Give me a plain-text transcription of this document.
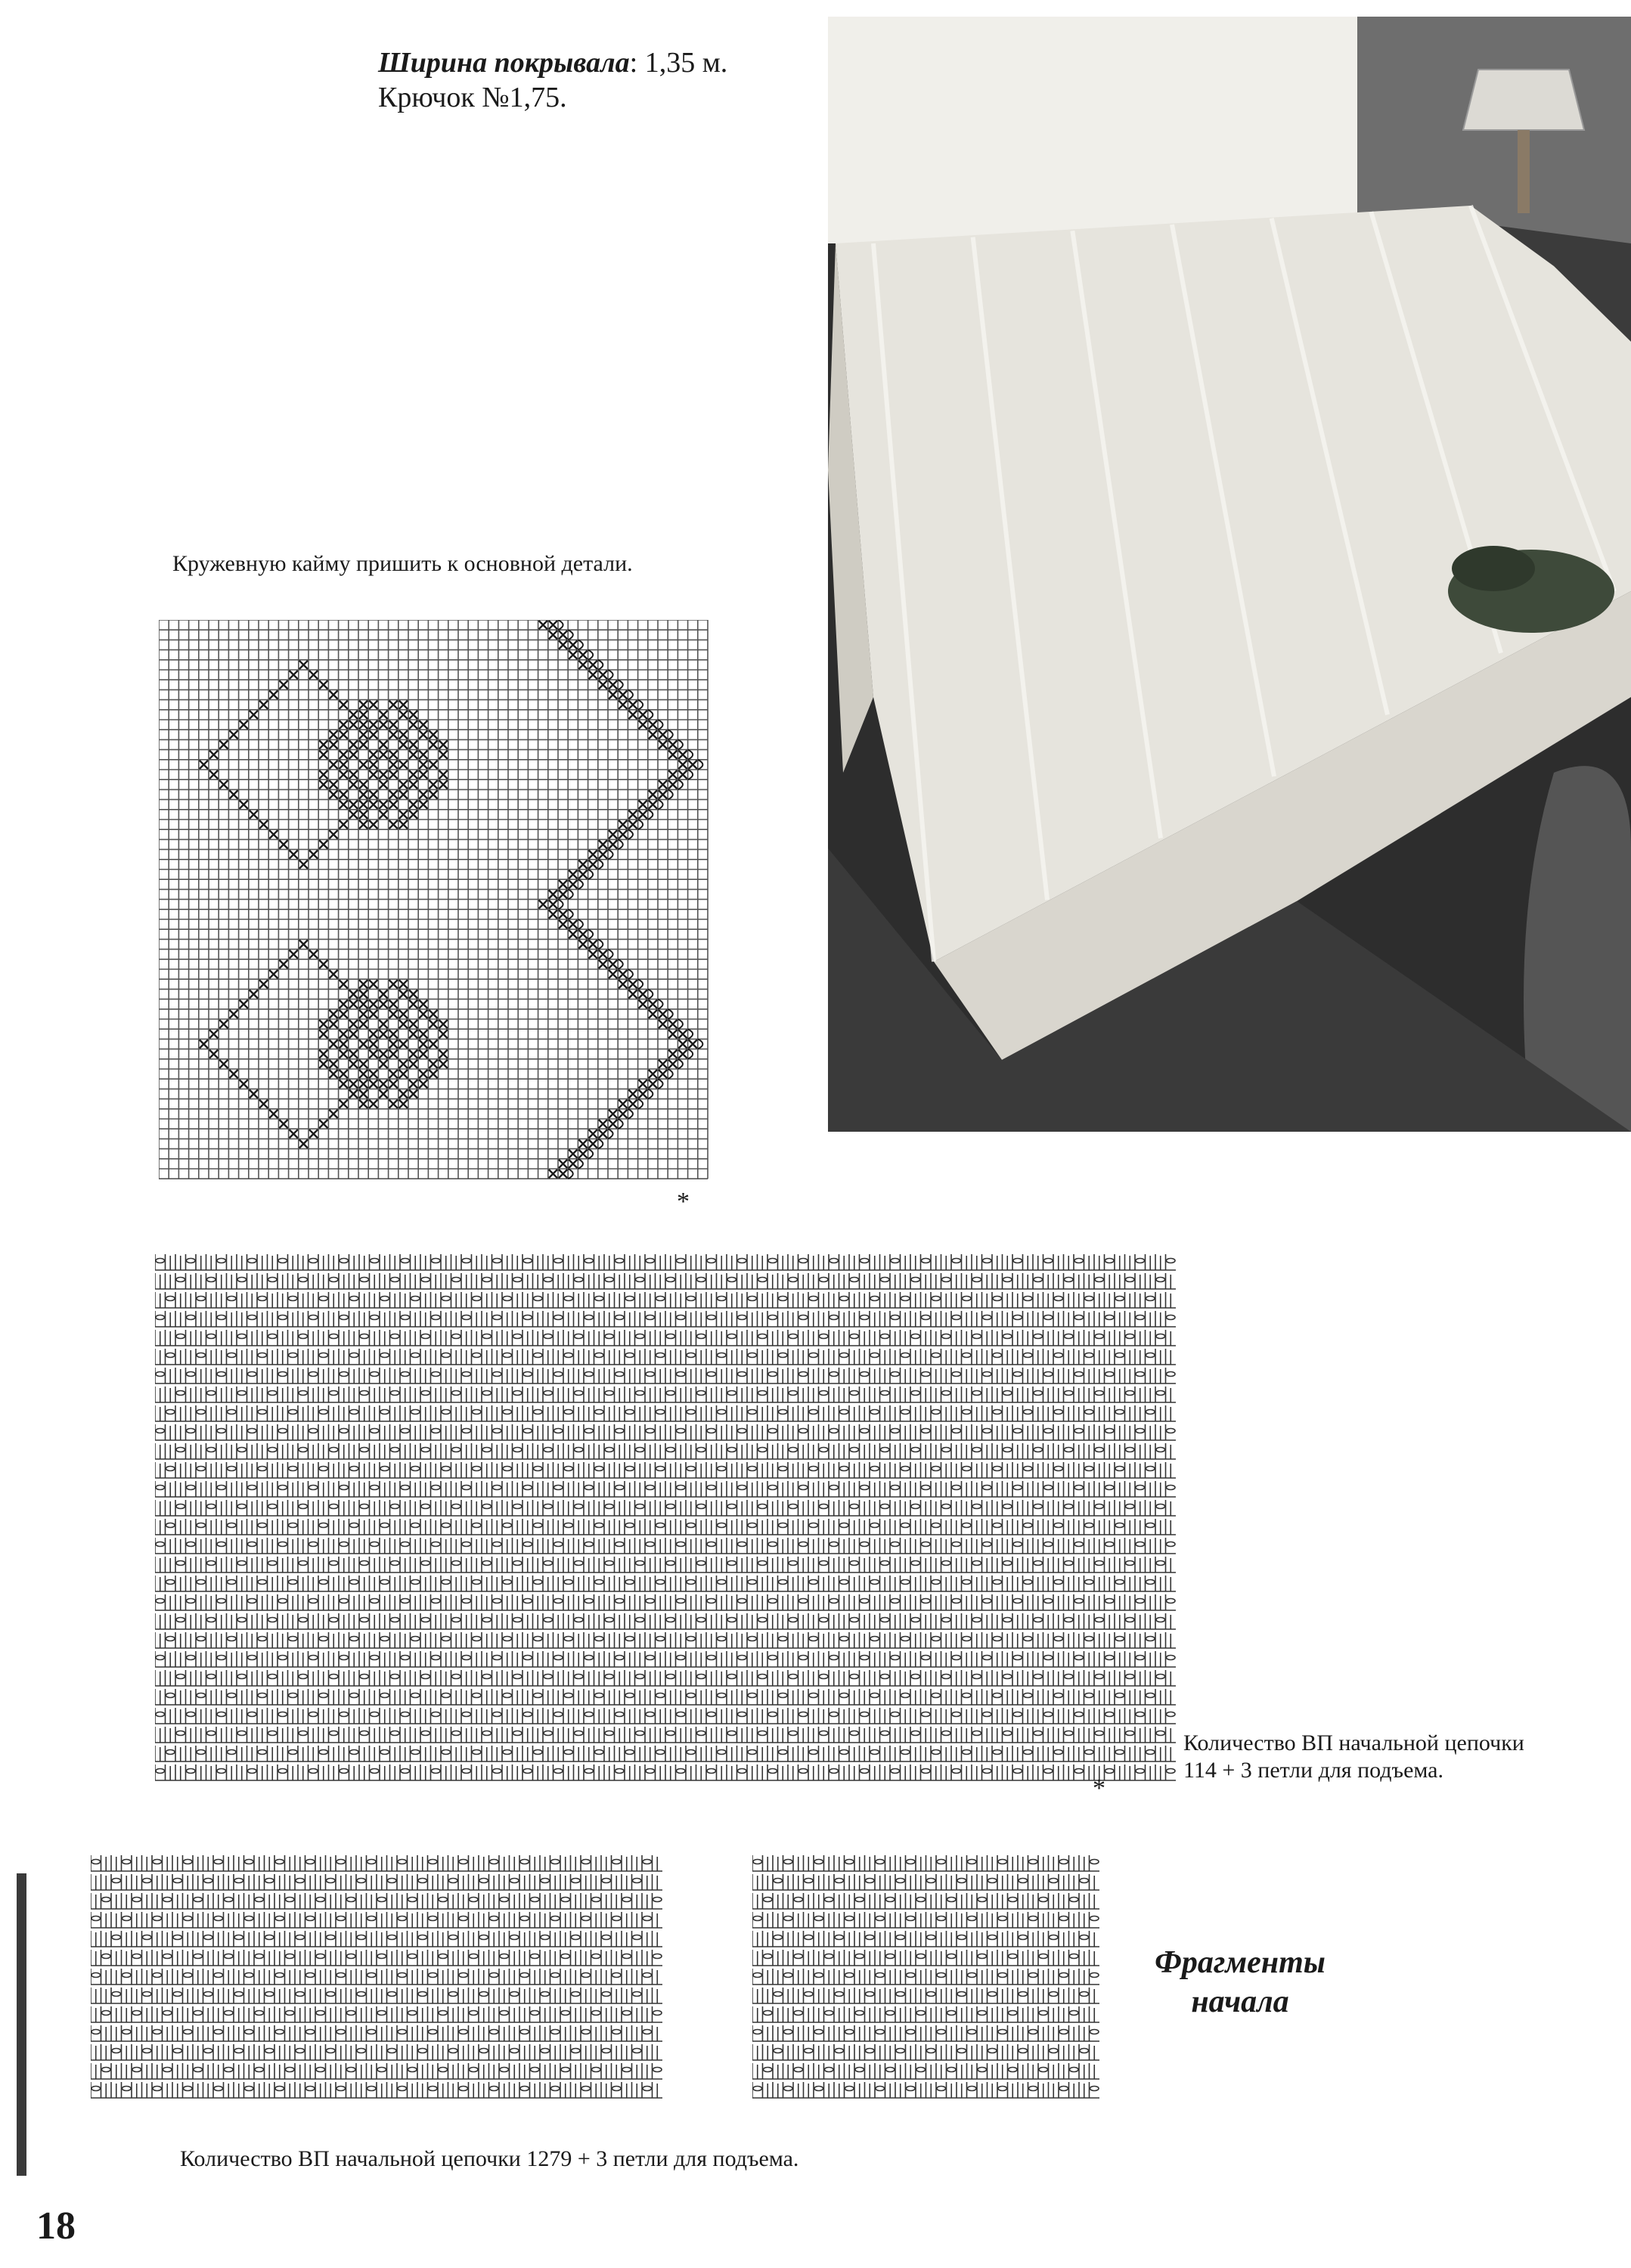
Ширина покрывала: 1,35 м.
Крючок №1,75.
Кружевную кайму пришить к основной детали.
*
*
Количество ВП начальной цепочки
114 + 3 петли для подъема.
Фрагменты
начала
Количество ВП начальной цепочки 1279 + 3 петли для подъема.
18
